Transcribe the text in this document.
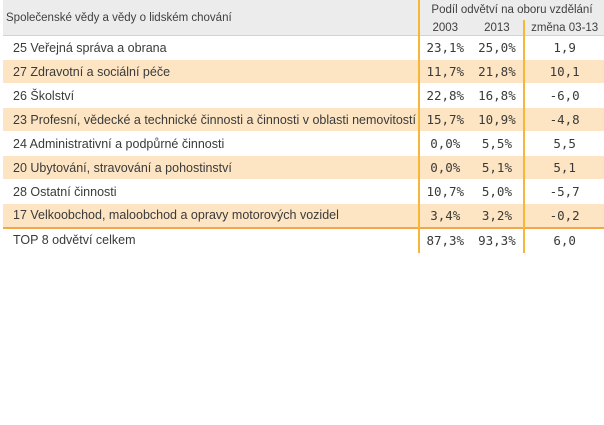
Společenské vědy a vědy o lidském chování	Podíl odvětví na oboru vzdělání		
	2003	2013	změna 03-13
25 Veřejná správa a obrana	23,1%	25,0%	1,9
27 Zdravotní a sociální péče	11,7%	21,8%	10,1
26 Školství	22,8%	16,8%	-6,0
23 Profesní, vědecké a technické činnosti a činnosti v oblasti nemovitostí	15,7%	10,9%	-4,8
24 Administrativní a podpůrné činnosti	0,0%	5,5%	5,5
20 Ubytování, stravování a pohostinství	0,0%	5,1%	5,1
28 Ostatní činnosti	10,7%	5,0%	-5,7
17 Velkoobchod, maloobchod a opravy motorových vozidel	3,4%	3,2%	-0,2
TOP 8 odvětví celkem	87,3%	93,3%	6,0
